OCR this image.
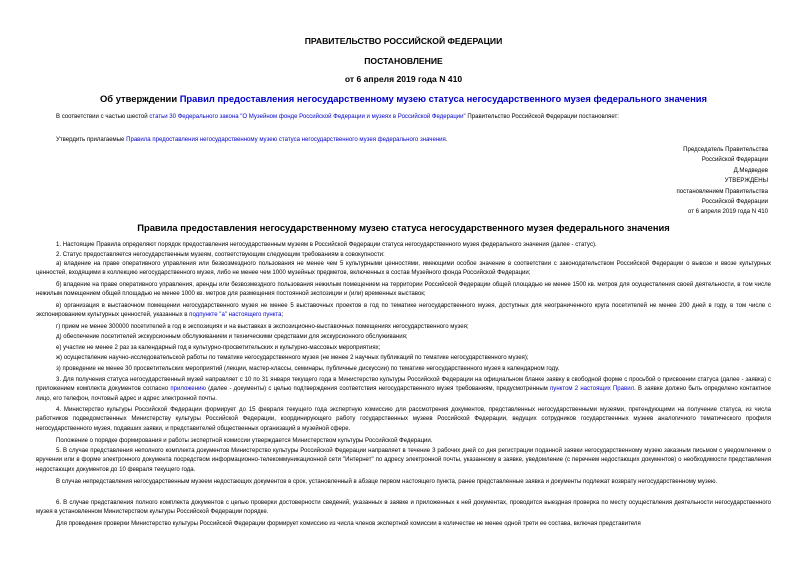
ПРАВИТЕЛЬСТВО РОССИЙСКОЙ ФЕДЕРАЦИИ
ПОСТАНОВЛЕНИЕ
от 6 апреля 2019 года N 410
Об утверждении Правил предоставления негосударственному музею статуса негосударственного музея федерального значения
В соответствии с частью шестой статьи 30 Федерального закона "О Музейном фонде Российской Федерации и музеях в Российской Федерации" Правительство Российской Федерации постановляет:
Утвердить прилагаемые Правила предоставления негосударственному музею статуса негосударственного музея федерального значения.
Председатель Правительства
Российской Федерации
Д.Медведев
УТВЕРЖДЕНЫ
постановлением Правительства
Российской Федерации
от 6 апреля 2019 года N 410
Правила предоставления негосударственному музею статуса негосударственного музея федерального значения
1. Настоящие Правила определяют порядок предоставления негосударственным музеям в Российской Федерации статуса негосударственного музея федерального значения (далее - статус).
2. Статус предоставляется негосударственным музеям, соответствующим следующим требованиям в совокупности:
а) владение на праве оперативного управления или безвозмездного пользования не менее чем 5 культурными ценностями, имеющими особое значение в соответствии с законодательством Российской Федерации о вывозе и ввозе культурных ценностей, входящими в коллекцию негосударственного музея, либо не менее чем 1000 музейных предметов, включенных в состав Музейного фонда Российской Федерации;
б) владение на праве оперативного управления, аренды или безвозмездного пользования нежилым помещением на территории Российской Федерации общей площадью не менее 1500 кв. метров для осуществления своей деятельности, в том числе нежилым помещением общей площадью не менее 1000 кв. метров для размещения постоянной экспозиции и (или) временных выставок;
в) организация в выставочном помещении негосударственного музея не менее 5 выставочных проектов в год по тематике негосударственного музея, доступных для неограниченного круга посетителей не менее 200 дней в году, в том числе с экспонированием культурных ценностей, указанных в подпункте "а" настоящего пункта;
г) прием не менее 300000 посетителей в год в экспозициях и на выставках в экспозиционно-выставочных помещениях негосударственного музея;
д) обеспечение посетителей экскурсионным обслуживанием и техническими средствами для экскурсионного обслуживания;
е) участие не менее 2 раз за календарный год в культурно-просветительских и культурно-массовых мероприятиях;
ж) осуществление научно-исследовательской работы по тематике негосударственного музея (не менее 2 научных публикаций по тематике негосударственного музея);
з) проведение не менее 30 просветительских мероприятий (лекции, мастер-классы, семинары, публичные дискуссии) по тематике негосударственного музея в календарном году.
3. Для получения статуса негосударственный музей направляет с 10 по 31 января текущего года в Министерство культуры Российской Федерации на официальном бланке заявку в свободной форме с просьбой о присвоении статуса (далее - заявка) с приложением комплекта документов согласно приложению (далее - документы) с целью подтверждения соответствия негосударственного музея требованиям, предусмотренным пунктом 2 настоящих Правил. В заявке должно быть определено контактное лицо, его телефон, почтовый адрес и адрес электронной почты.
4. Министерство культуры Российской Федерации формирует до 15 февраля текущего года экспертную комиссию для рассмотрения документов, представленных негосударственными музеями, претендующими на получение статуса, из числа работников подведомственных Министерству культуры Российской Федерации, координирующего работу государственных музеев Российской Федерации, ведущих сотрудников государственных музеев аналогичного тематического профиля негосударственного музея, подавших заявки, и представителей общественных организаций в музейной сфере.
Положение о порядке формирования и работы экспертной комиссии утверждается Министерством культуры Российской Федерации.
5. В случае представления неполного комплекта документов Министерство культуры Российской Федерации направляет в течение 3 рабочих дней со дня регистрации поданной заявки негосударственному музею заказным письмом с уведомлением о вручении или в форме электронного документа посредством информационно-телекоммуникационной сети "Интернет" по адресу электронной почты, указанному в заявке, уведомление (с перечнем недостающих документов) о необходимости представления недостающих документов до 10 февраля текущего года.
В случае непредставления негосударственным музеем недостающих документов в срок, установленный в абзаце первом настоящего пункта, ранее представленные заявка и документы подлежат возврату негосударственному музею.
6. В случае представления полного комплекта документов с целью проверки достоверности сведений, указанных в заявке и приложенных к ней документах, проводится выездная проверка по месту осуществления деятельности негосударственного музея в установленном Министерством культуры Российской Федерации порядке.
Для проведения проверки Министерство культуры Российской Федерации формирует комиссию из числа членов экспертной комиссии в количестве не менее одной трети ее состава, включая представителя
